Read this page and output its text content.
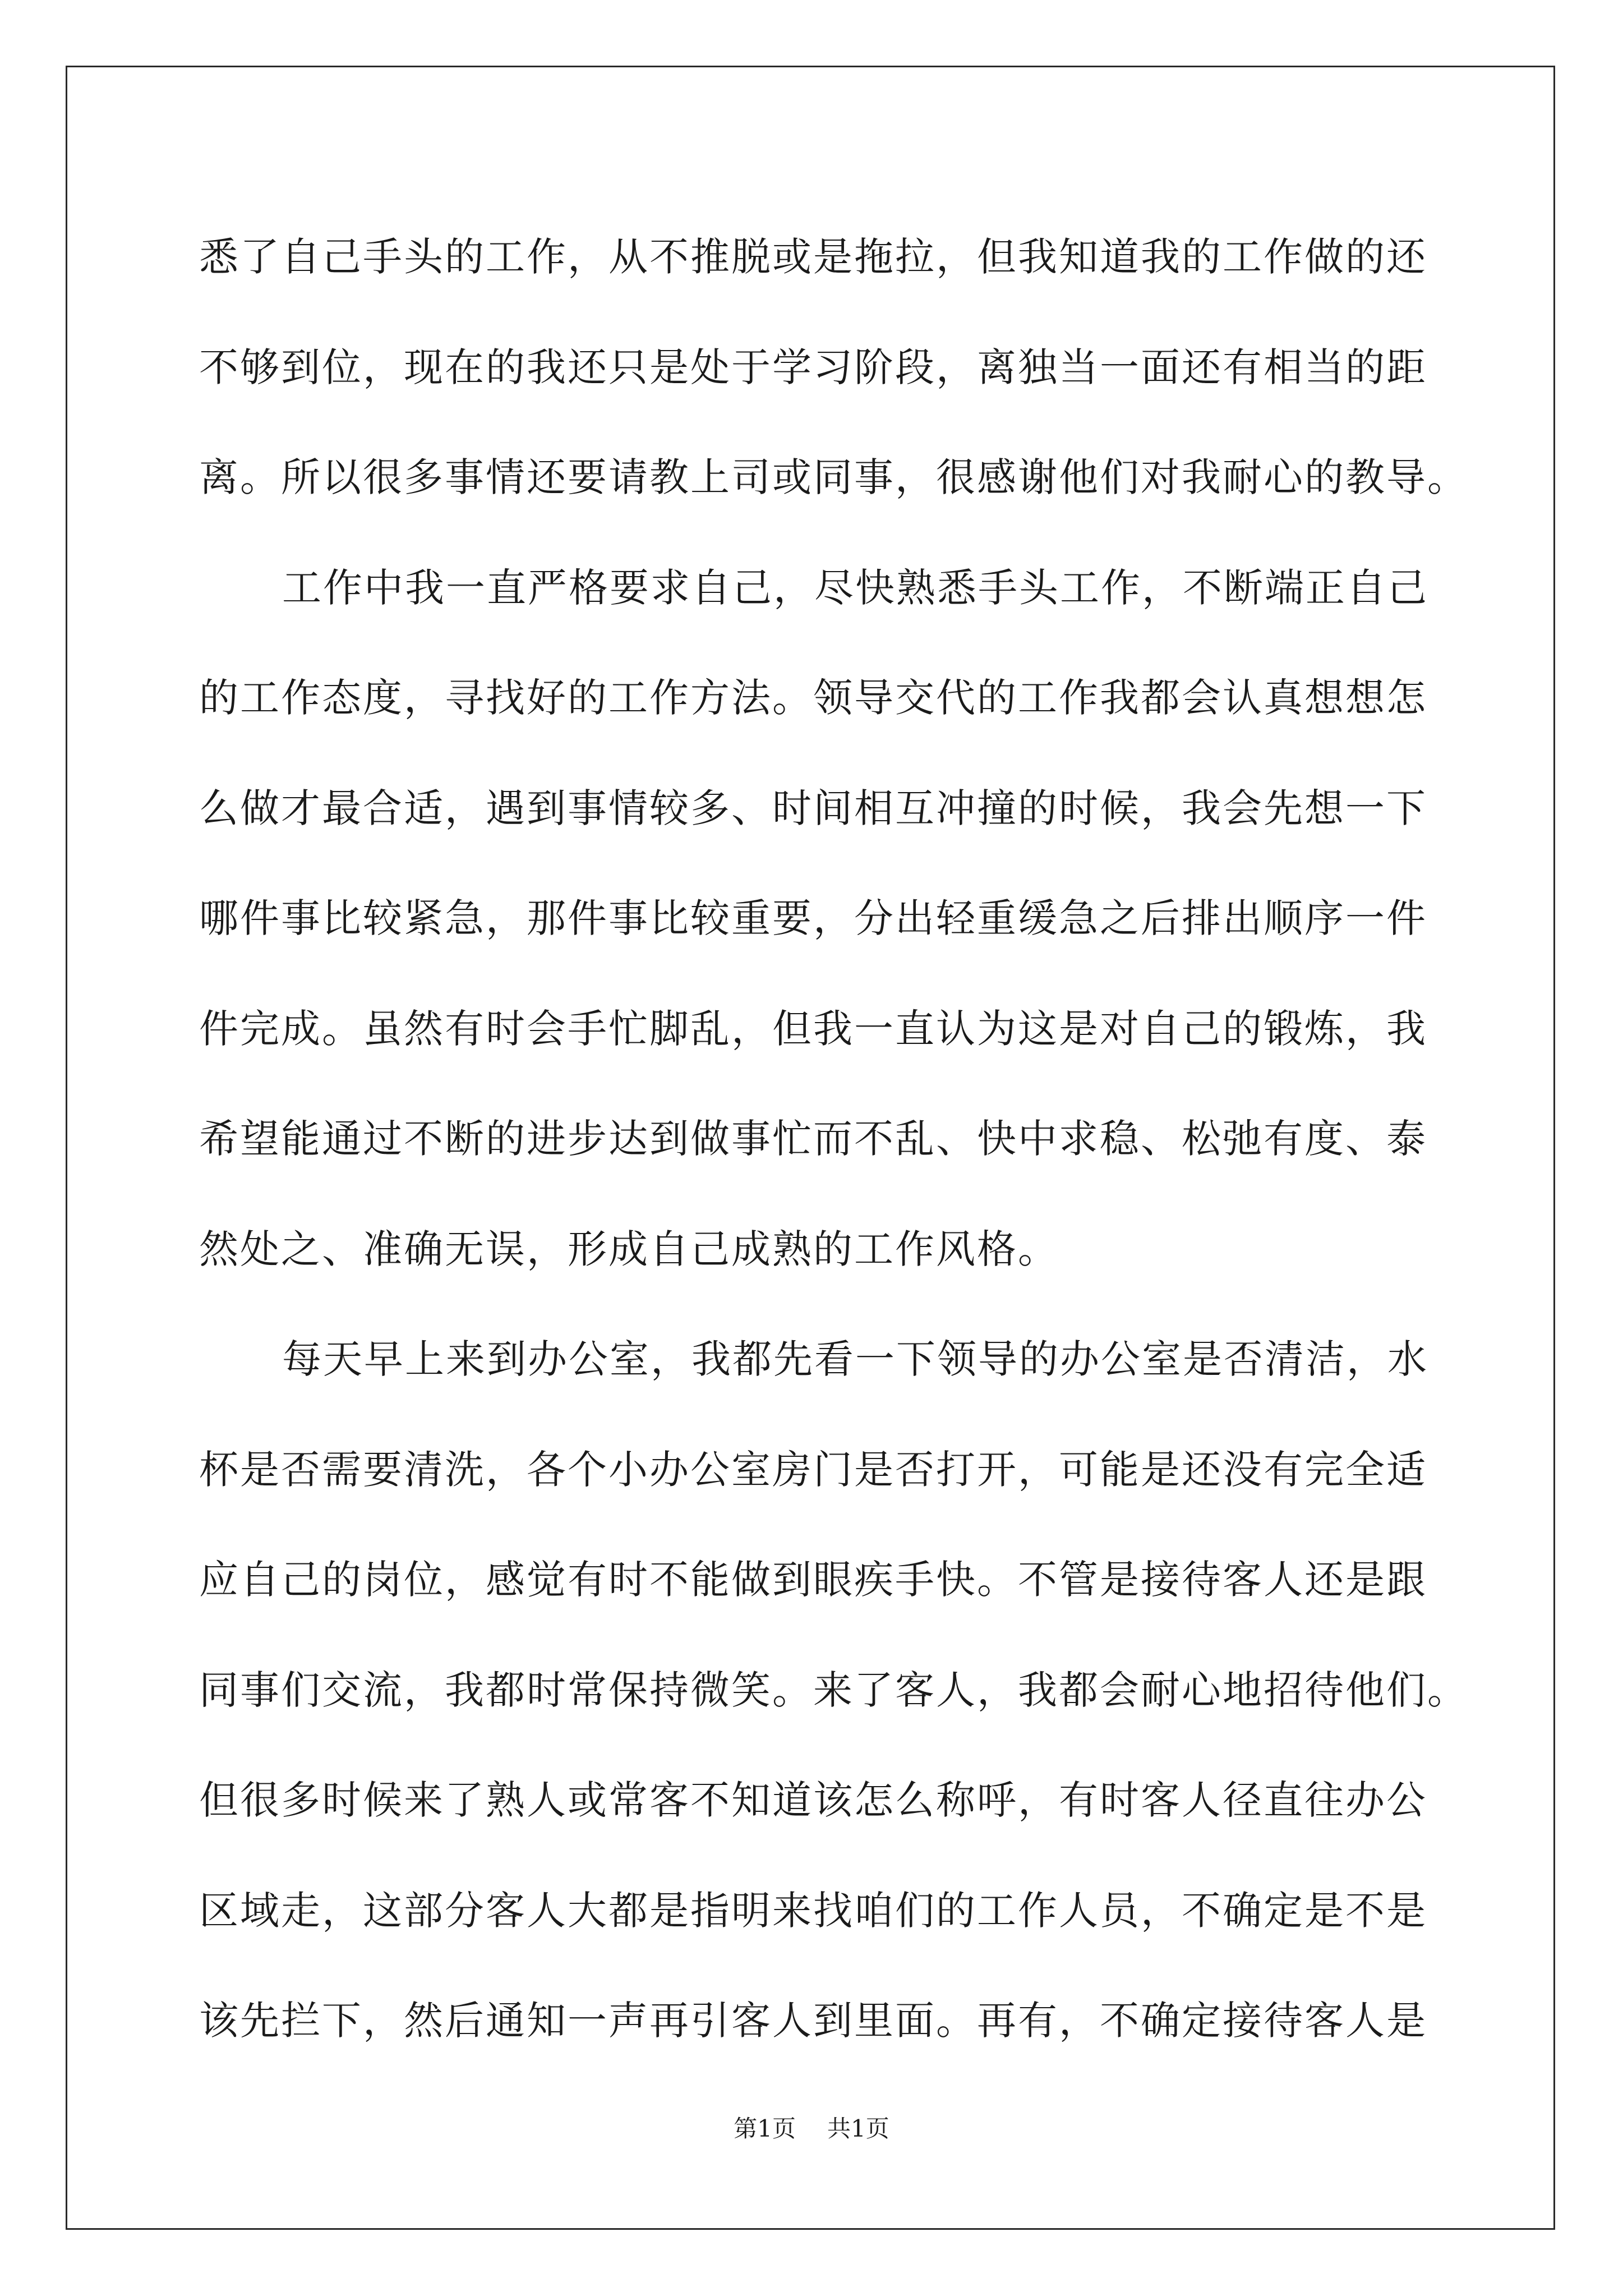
悉了自己手头的工作，从不推脱或是拖拉，但我知道我的工作做的还
不够到位，现在的我还只是处于学习阶段，离独当一面还有相当的距
离。所以很多事情还要请教上司或同事，很感谢他们对我耐心的教导。
工作中我一直严格要求自己，尽快熟悉手头工作，不断端正自己
的工作态度，寻找好的工作方法。领导交代的工作我都会认真想想怎
么做才最合适，遇到事情较多、时间相互冲撞的时候，我会先想一下
哪件事比较紧急，那件事比较重要，分出轻重缓急之后排出顺序一件
件完成。虽然有时会手忙脚乱，但我一直认为这是对自己的锻炼，我
希望能通过不断的进步达到做事忙而不乱、快中求稳、松弛有度、泰
然处之、准确无误，形成自己成熟的工作风格。
每天早上来到办公室，我都先看一下领导的办公室是否清洁，水
杯是否需要清洗，各个小办公室房门是否打开，可能是还没有完全适
应自己的岗位，感觉有时不能做到眼疾手快。不管是接待客人还是跟
同事们交流，我都时常保持微笑。来了客人，我都会耐心地招待他们。
但很多时候来了熟人或常客不知道该怎么称呼，有时客人径直往办公
区域走，这部分客人大都是指明来找咱们的工作人员，不确定是不是
该先拦下，然后通知一声再引客人到里面。再有，不确定接待客人是
第1页 共1页
